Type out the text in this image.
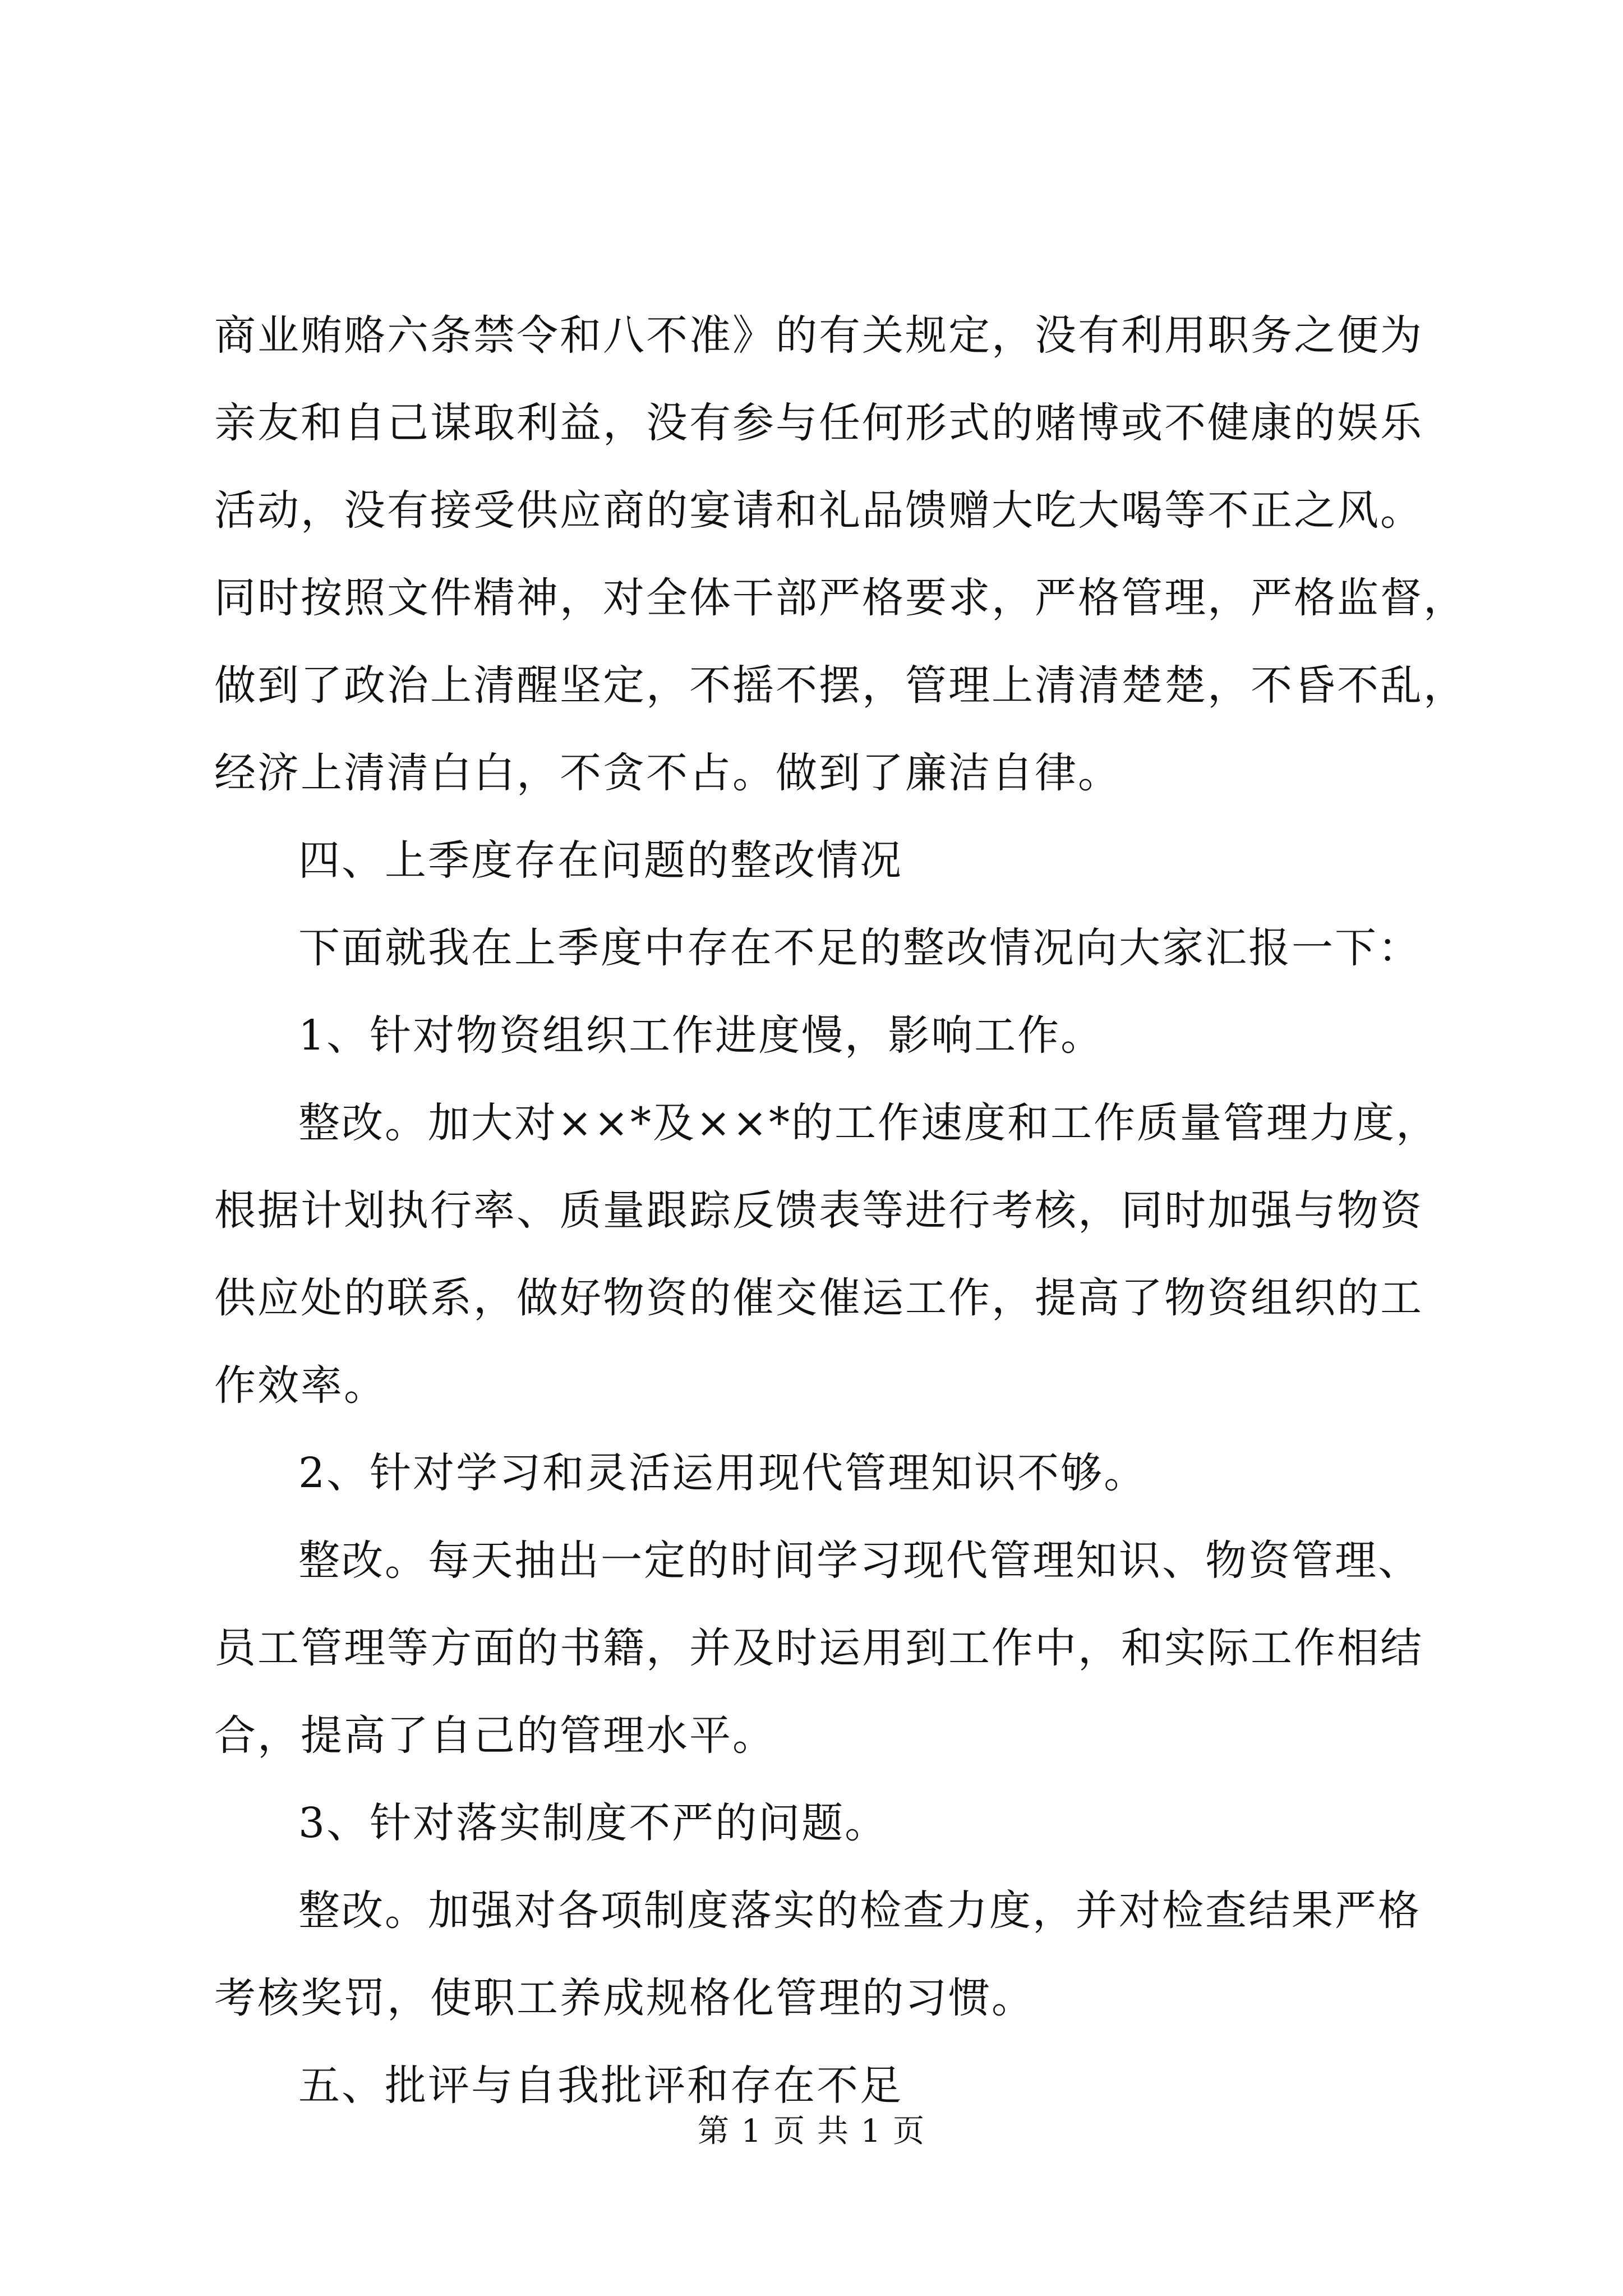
商业贿赂六条禁令和八不准》的有关规定，没有利用职务之便为
亲友和自己谋取利益，没有参与任何形式的赌博或不健康的娱乐
活动，没有接受供应商的宴请和礼品馈赠大吃大喝等不正之风。
同时按照文件精神，对全体干部严格要求，严格管理，严格监督，
做到了政治上清醒坚定，不摇不摆，管理上清清楚楚，不昏不乱，
经济上清清白白，不贪不占。做到了廉洁自律。
四、上季度存在问题的整改情况
下面就我在上季度中存在不足的整改情况向大家汇报一下：
1、针对物资组织工作进度慢，影响工作。
整改。加大对××*及××*的工作速度和工作质量管理力度，
根据计划执行率、质量跟踪反馈表等进行考核，同时加强与物资
供应处的联系，做好物资的催交催运工作，提高了物资组织的工
作效率。
2、针对学习和灵活运用现代管理知识不够。
整改。每天抽出一定的时间学习现代管理知识、物资管理、
员工管理等方面的书籍，并及时运用到工作中，和实际工作相结
合，提高了自己的管理水平。
3、针对落实制度不严的问题。
整改。加强对各项制度落实的检查力度，并对检查结果严格
考核奖罚，使职工养成规格化管理的习惯。
五、批评与自我批评和存在不足
第 1 页 共 1 页
